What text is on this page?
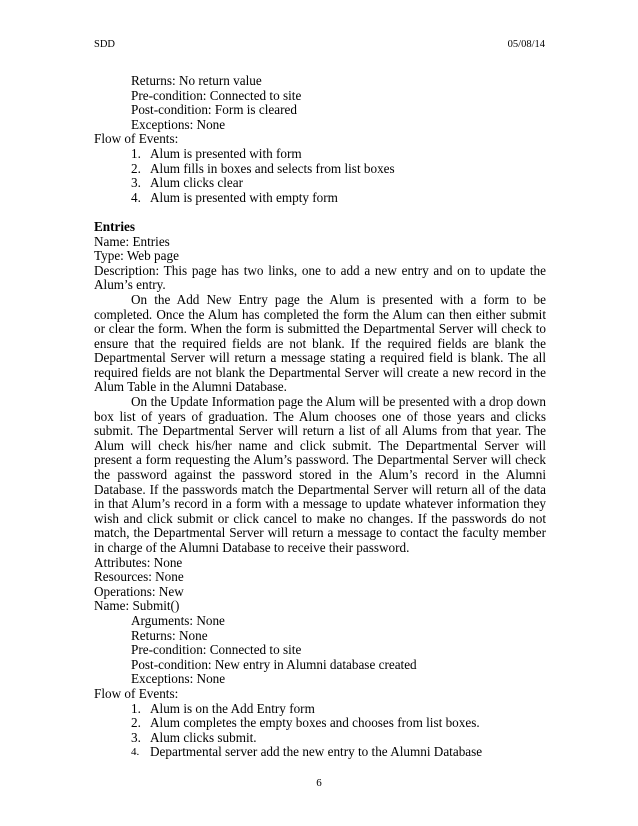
SDD	05/08/14
Returns: No return value
Pre-condition: Connected to site
Post-condition: Form is cleared
Exceptions: None
Flow of Events:
1. Alum is presented with form
2. Alum fills in boxes and selects from list boxes
3. Alum clicks clear
4. Alum is presented with empty form
Entries
Name: Entries
Type: Web page
Description: This page has two links, one to add a new entry and on to update the Alum’s entry.
On the Add New Entry page the Alum is presented with a form to be completed. Once the Alum has completed the form the Alum can then either submit or clear the form. When the form is submitted the Departmental Server will check to ensure that the required fields are not blank. If the required fields are blank the Departmental Server will return a message stating a required field is blank. The all required fields are not blank the Departmental Server will create a new record in the Alum Table in the Alumni Database.
On the Update Information page the Alum will be presented with a drop down box list of years of graduation. The Alum chooses one of those years and clicks submit. The Departmental Server will return a list of all Alums from that year. The Alum will check his/her name and click submit. The Departmental Server will present a form requesting the Alum’s password. The Departmental Server will check the password against the password stored in the Alum’s record in the Alumni Database. If the passwords match the Departmental Server will return all of the data in that Alum’s record in a form with a message to update whatever information they wish and click submit or click cancel to make no changes. If the passwords do not match, the Departmental Server will return a message to contact the faculty member in charge of the Alumni Database to receive their password.
Attributes: None
Resources: None
Operations: New
Name: Submit()
Arguments: None
Returns: None
Pre-condition: Connected to site
Post-condition: New entry in Alumni database created
Exceptions: None
Flow of Events:
1. Alum is on the Add Entry form
2. Alum completes the empty boxes and chooses from list boxes.
3. Alum clicks submit.
4. Departmental server add the new entry to the Alumni Database
6
